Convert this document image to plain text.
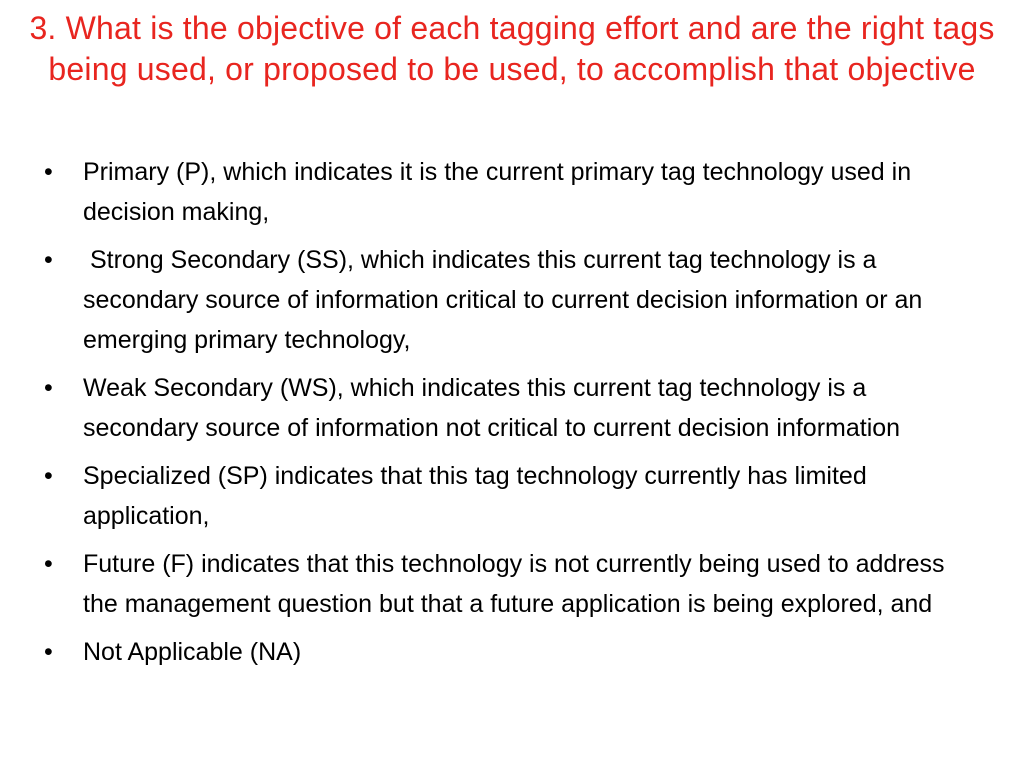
3. What is the objective of each tagging effort and are the right tags being used, or proposed to be used, to accomplish that objective
•	Primary (P), which indicates it is the current primary tag technology used in decision making,
•	Strong Secondary (SS), which indicates this current tag technology is a secondary source of information critical to current decision information or an emerging primary technology,
•	Weak Secondary (WS), which indicates this current tag technology is a secondary source of information not critical to current decision information
•	Specialized (SP) indicates that this tag technology currently has limited application,
•	Future (F) indicates that this technology is not currently being used to address the management question but that a future application is being explored, and
•	Not Applicable (NA)
